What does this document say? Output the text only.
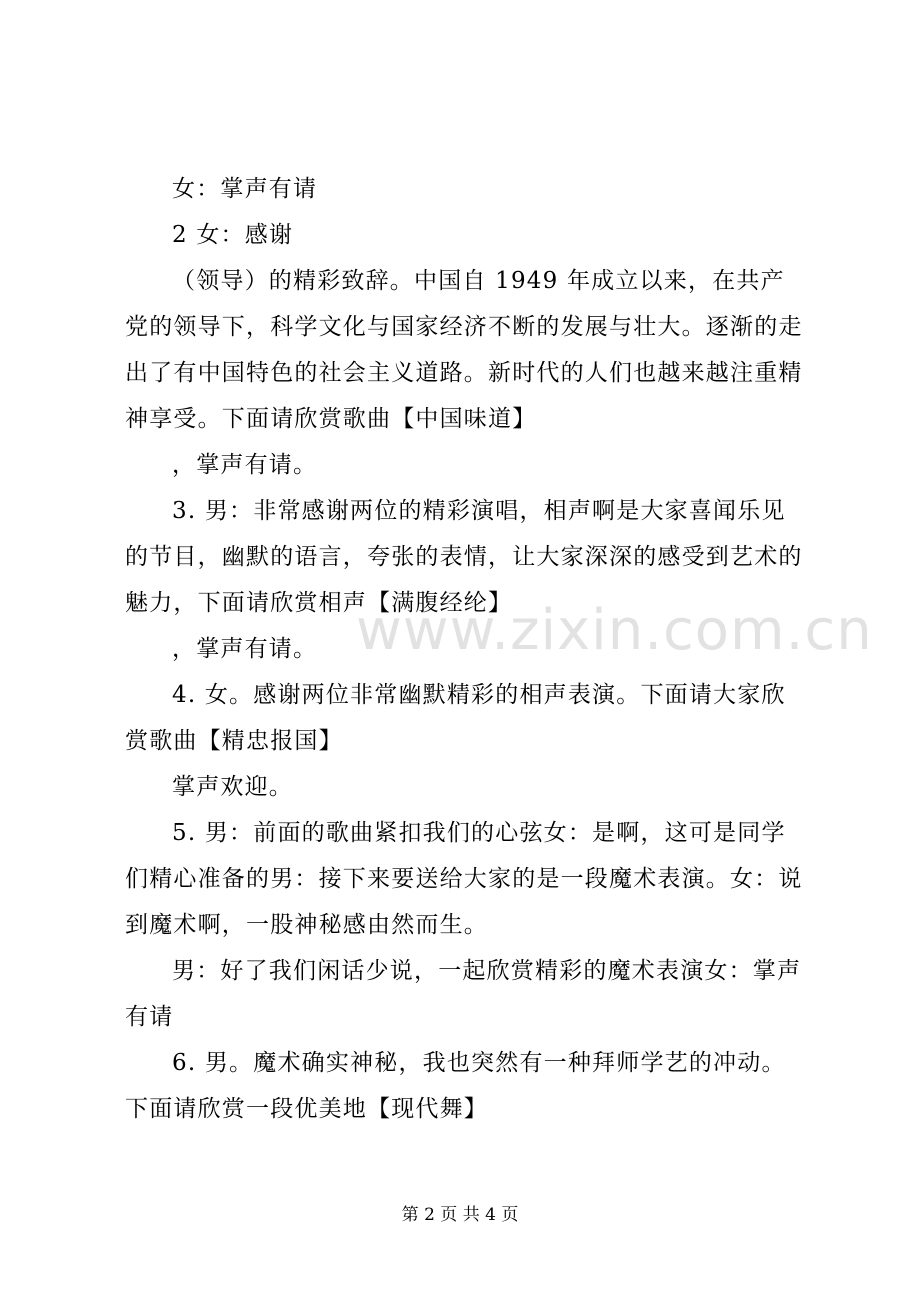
女：掌声有请

2 女：感谢

（领导）的精彩致辞。中国自 1949 年成立以来，在共产党的领导下，科学文化与国家经济不断的发展与壮大。逐渐的走出了有中国特色的社会主义道路。新时代的人们也越来越注重精神享受。下面请欣赏歌曲【中国味道】

，掌声有请。

3. 男：非常感谢两位的精彩演唱，相声啊是大家喜闻乐见的节目，幽默的语言，夸张的表情，让大家深深的感受到艺术的魅力，下面请欣赏相声【满腹经纶】

，掌声有请。

4. 女。感谢两位非常幽默精彩的相声表演。下面请大家欣赏歌曲【精忠报国】

掌声欢迎。

5. 男：前面的歌曲紧扣我们的心弦女：是啊，这可是同学们精心准备的男：接下来要送给大家的是一段魔术表演。女：说到魔术啊，一股神秘感由然而生。

男：好了我们闲话少说，一起欣赏精彩的魔术表演女：掌声有请

6. 男。魔术确实神秘，我也突然有一种拜师学艺的冲动。下面请欣赏一段优美地【现代舞】

www.zixin.com.cn
第 2 页 共 4 页
